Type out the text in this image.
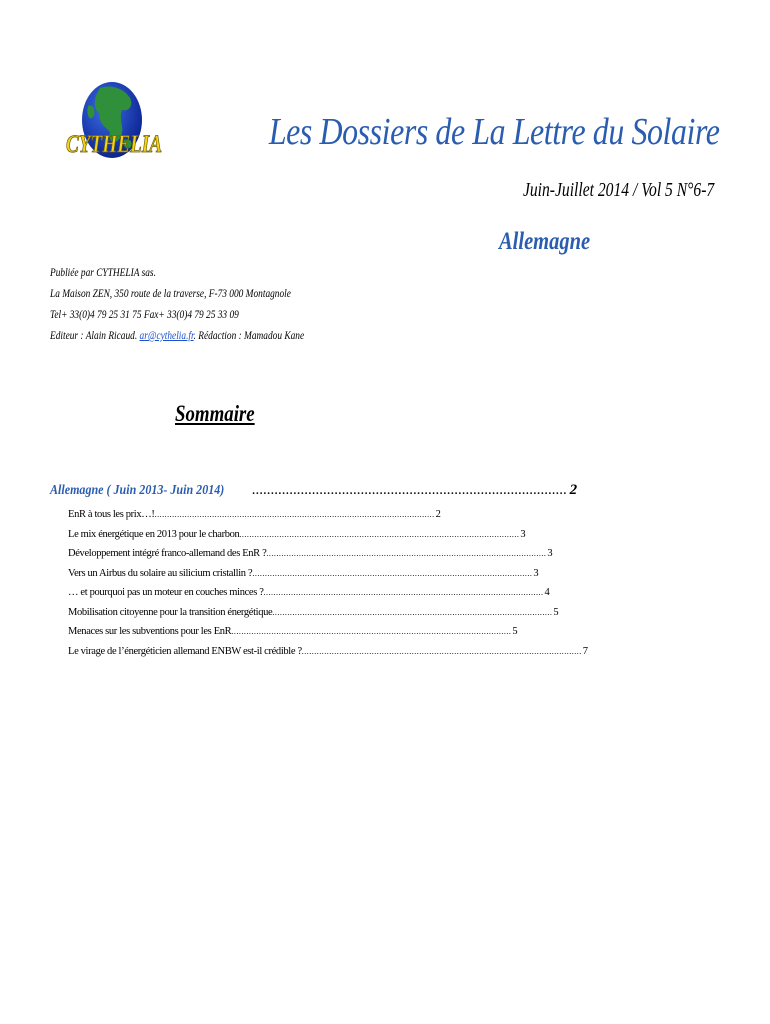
CYTHELIA	Les Dossiers de La Lettre du Solaire
Juin-Juillet 2014 / Vol 5 N°6-7
Allemagne
Publiée par CYTHELIA sas.
La Maison ZEN, 350 route de la traverse, F-73 000 Montagnole
Tel+ 33(0)4 79 25 31 75 Fax+ 33(0)4 79 25 33 09
Editeur : Alain Ricaud. ar@cythelia.fr. Rédaction : Mamadou Kane
Sommaire
Allemagne ( Juin 2013- Juin 2014)	.................................................................................... 2
EnR à tous les prix…! ................................................................................................................ 2
Le mix énergétique en 2013 pour le charbon ................................................................................................................ 3
Développement intégré franco-allemand des EnR ? ................................................................................................................ 3
Vers un Airbus du solaire au silicium cristallin ? ................................................................................................................ 3
… et pourquoi pas un moteur en couches minces ? ................................................................................................................ 4
Mobilisation citoyenne pour la transition énergétique ................................................................................................................ 5
Menaces sur les subventions pour les EnR ................................................................................................................ 5
Le virage de l’énergéticien allemand ENBW est-il crédible ? ................................................................................................................ 7
